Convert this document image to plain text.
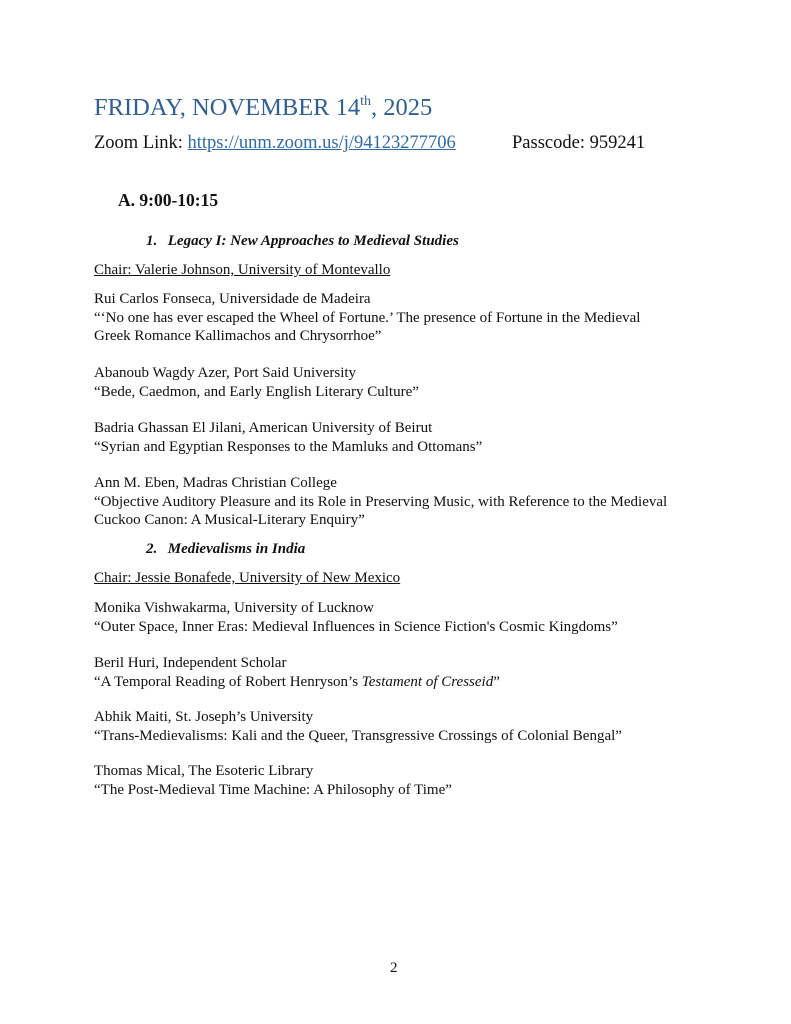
FRIDAY, NOVEMBER 14th, 2025
Zoom Link: https://unm.zoom.us/j/94123277706	Passcode: 959241
A. 9:00-10:15
1. Legacy I: New Approaches to Medieval Studies
Chair: Valerie Johnson, University of Montevallo
Rui Carlos Fonseca, Universidade de Madeira
“‘No one has ever escaped the Wheel of Fortune.’ The presence of Fortune in the Medieval
Greek Romance Kallimachos and Chrysorrhoe”
Abanoub Wagdy Azer, Port Said University
“Bede, Caedmon, and Early English Literary Culture”
Badria Ghassan El Jilani, American University of Beirut
“Syrian and Egyptian Responses to the Mamluks and Ottomans”
Ann M. Eben, Madras Christian College
“Objective Auditory Pleasure and its Role in Preserving Music, with Reference to the Medieval
Cuckoo Canon: A Musical-Literary Enquiry”
2. Medievalisms in India
Chair: Jessie Bonafede, University of New Mexico
Monika Vishwakarma, University of Lucknow
“Outer Space, Inner Eras: Medieval Influences in Science Fiction's Cosmic Kingdoms”
Beril Huri, Independent Scholar
“A Temporal Reading of Robert Henryson’s Testament of Cresseid”
Abhik Maiti, St. Joseph’s University
“Trans-Medievalisms: Kali and the Queer, Transgressive Crossings of Colonial Bengal”
Thomas Mical, The Esoteric Library
“The Post-Medieval Time Machine: A Philosophy of Time”
2
